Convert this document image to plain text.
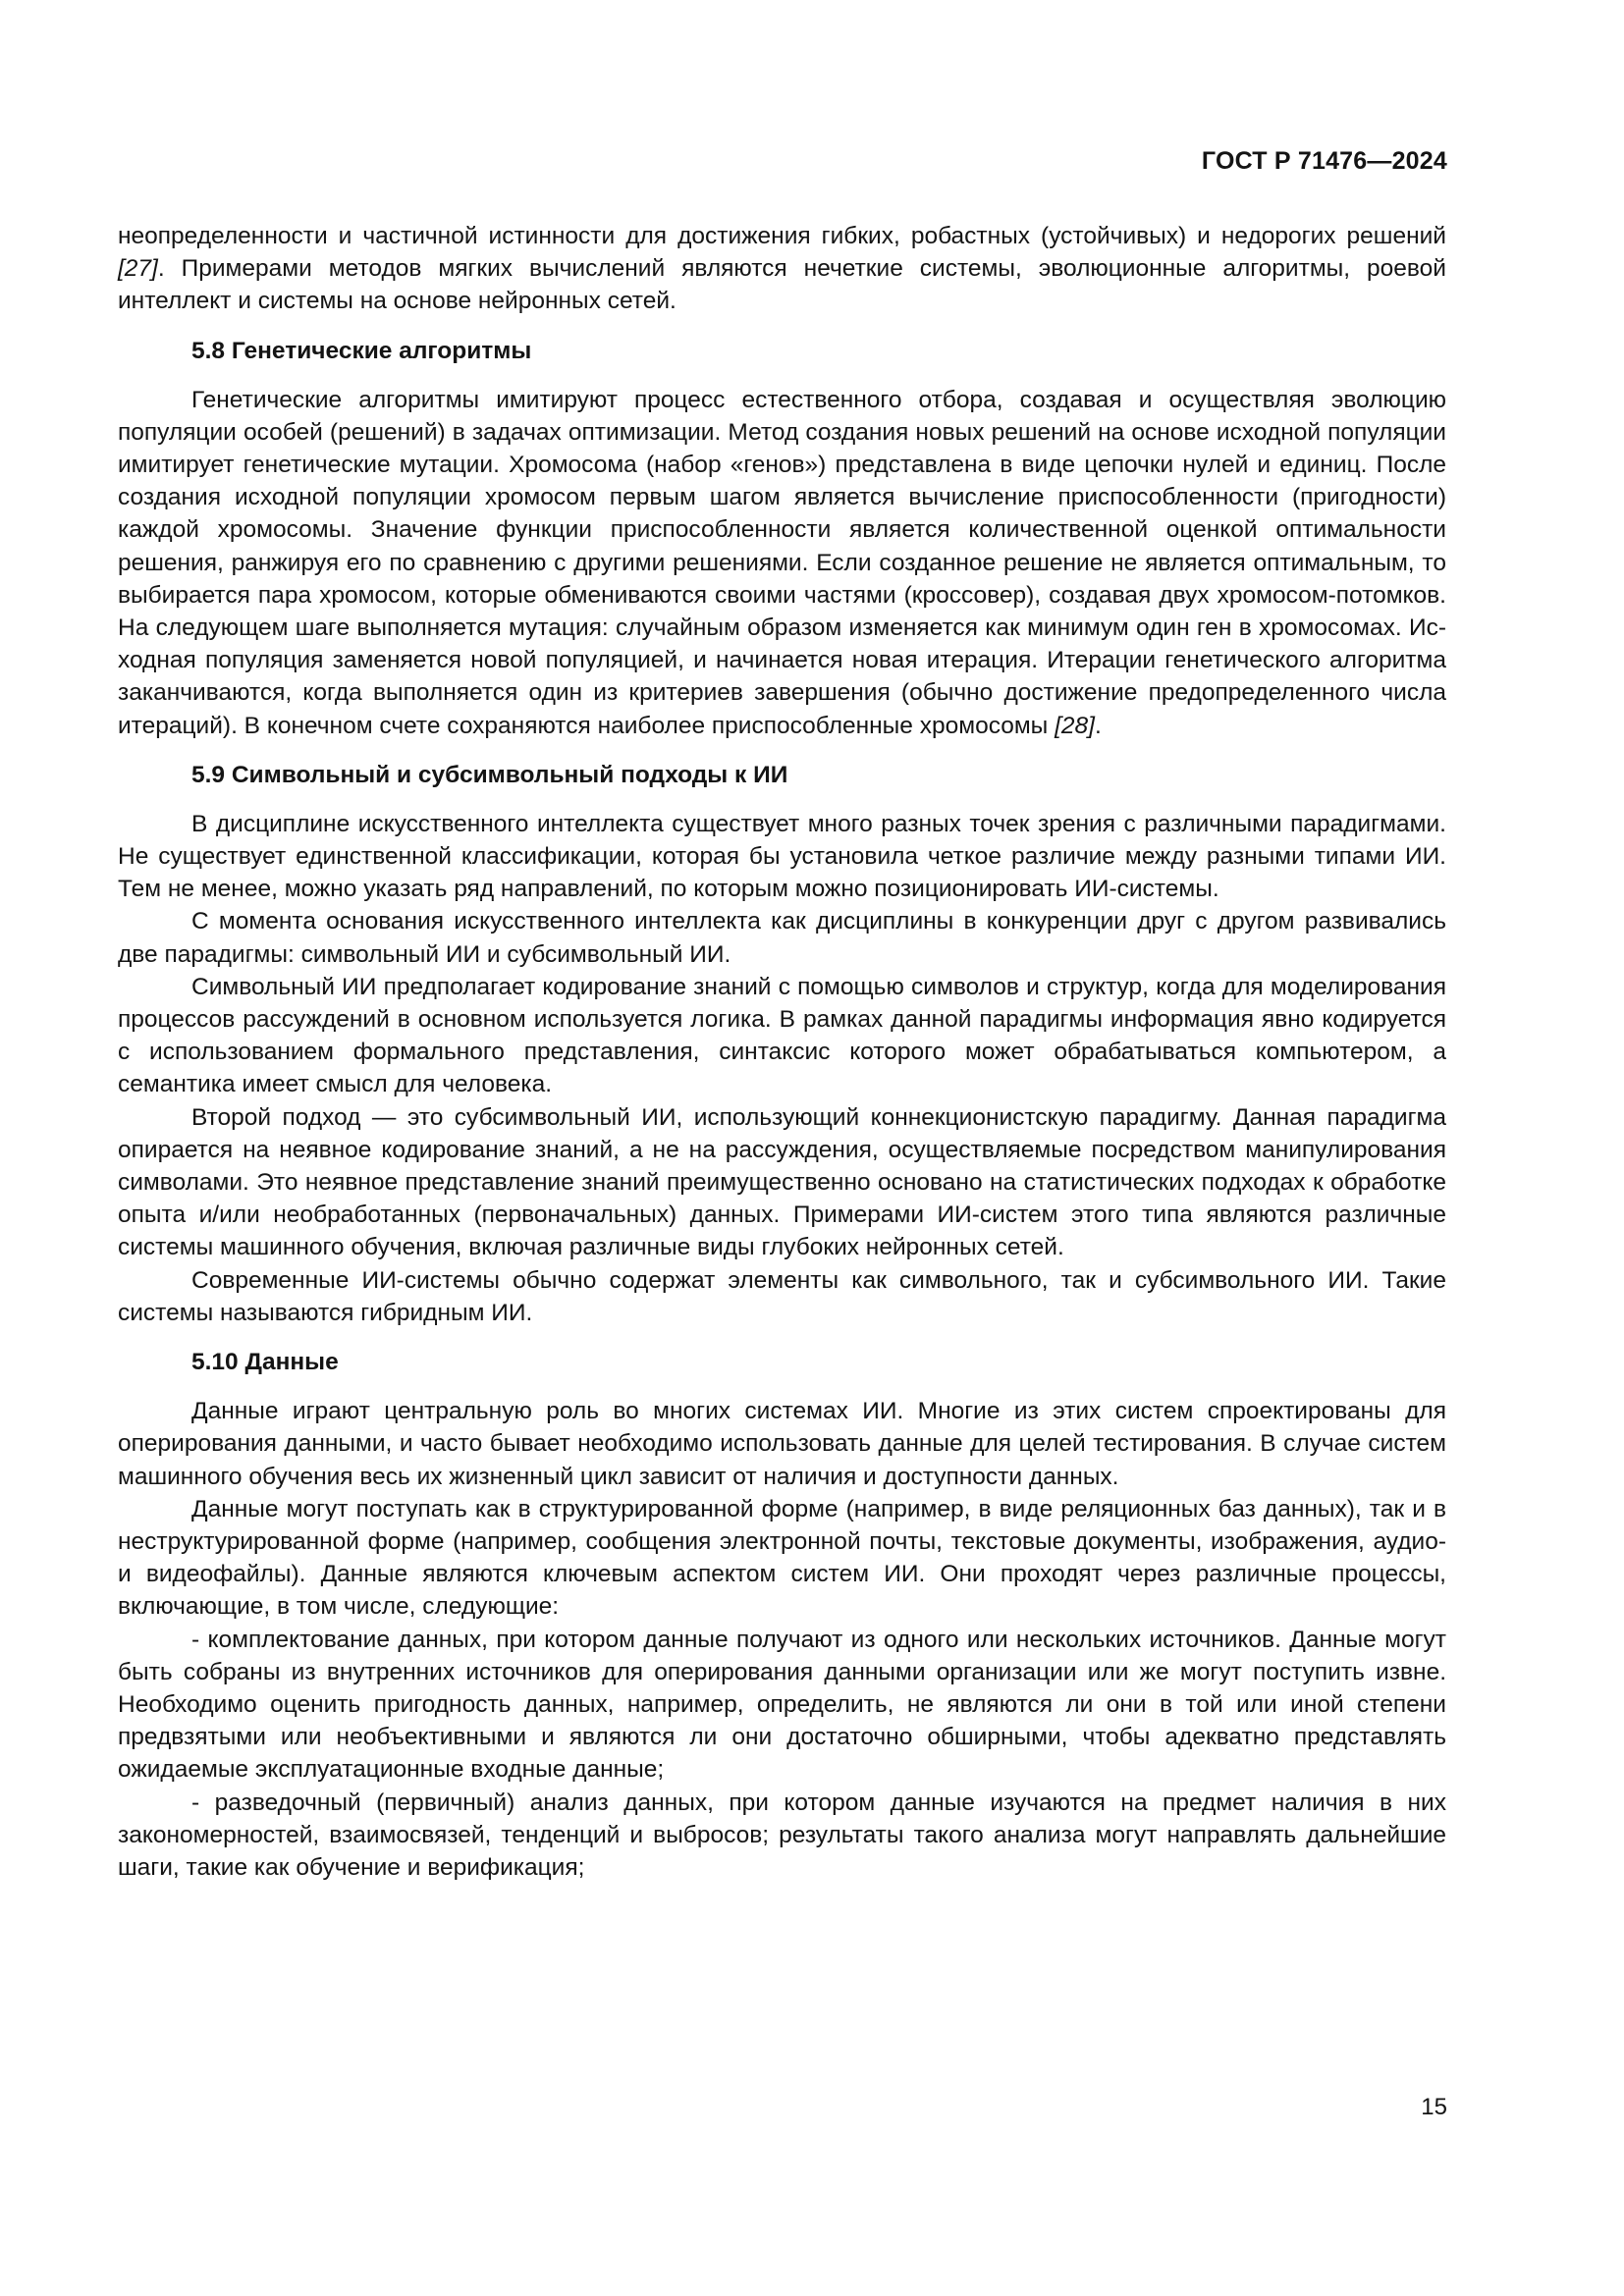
ГОСТ Р 71476—2024

неопределенности и частичной истинности для достижения гибких, робастных (устойчивых) и недорогих решений [27]. Примерами методов мягких вычислений являются нечеткие системы, эволюционные алгоритмы, роевой интеллект и системы на основе нейронных сетей.

5.8 Генетические алгоритмы

Генетические алгоритмы имитируют процесс естественного отбора, создавая и осуществляя эволюцию популяции особей (решений) в задачах оптимизации. Метод создания новых решений на основе исходной популяции имитирует генетические мутации. Хромосома (набор «генов») представлена в виде цепочки нулей и единиц. После создания исходной популяции хромосом первым шагом является вычисление приспособленности (пригодности) каждой хромосомы. Значение функции приспособленности является количественной оценкой оптимальности решения, ранжируя его по сравнению с другими решениями. Если созданное решение не является оптимальным, то выбирается пара хромосом, которые обмениваются своими частями (кроссовер), создавая двух хромосом-потомков. На следующем шаге выполняется мутация: случайным образом изменяется как минимум один ген в хромосомах. Исходная популяция заменяется новой популяцией, и начинается новая итерация. Итерации генетического алгоритма заканчиваются, когда выполняется один из критериев завершения (обычно достижение предопределенного числа итераций). В конечном счете сохраняются наиболее приспособленные хромосомы [28].

5.9 Символьный и субсимвольный подходы к ИИ

В дисциплине искусственного интеллекта существует много разных точек зрения с различными парадигмами. Не существует единственной классификации, которая бы установила четкое различие между разными типами ИИ. Тем не менее, можно указать ряд направлений, по которым можно позиционировать ИИ-системы.

С момента основания искусственного интеллекта как дисциплины в конкуренции друг с другом развивались две парадигмы: символьный ИИ и субсимвольный ИИ.

Символьный ИИ предполагает кодирование знаний с помощью символов и структур, когда для моделирования процессов рассуждений в основном используется логика. В рамках данной парадигмы информация явно кодируется с использованием формального представления, синтаксис которого может обрабатываться компьютером, а семантика имеет смысл для человека.

Второй подход — это субсимвольный ИИ, использующий коннекционистскую парадигму. Данная парадигма опирается на неявное кодирование знаний, а не на рассуждения, осуществляемые посредством манипулирования символами. Это неявное представление знаний преимущественно основано на статистических подходах к обработке опыта и/или необработанных (первоначальных) данных. Примерами ИИ-систем этого типа являются различные системы машинного обучения, включая различные виды глубоких нейронных сетей.

Современные ИИ-системы обычно содержат элементы как символьного, так и субсимвольного ИИ. Такие системы называются гибридным ИИ.

5.10 Данные

Данные играют центральную роль во многих системах ИИ. Многие из этих систем спроектированы для оперирования данными, и часто бывает необходимо использовать данные для целей тестирования. В случае систем машинного обучения весь их жизненный цикл зависит от наличия и доступности данных.

Данные могут поступать как в структурированной форме (например, в виде реляционных баз данных), так и в неструктурированной форме (например, сообщения электронной почты, текстовые документы, изображения, аудио- и видеофайлы). Данные являются ключевым аспектом систем ИИ. Они проходят через различные процессы, включающие, в том числе, следующие:

- комплектование данных, при котором данные получают из одного или нескольких источников. Данные могут быть собраны из внутренних источников для оперирования данными организации или же могут поступить извне. Необходимо оценить пригодность данных, например, определить, не являются ли они в той или иной степени предвзятыми или необъективными и являются ли они достаточно обширными, чтобы адекватно представлять ожидаемые эксплуатационные входные данные;

- разведочный (первичный) анализ данных, при котором данные изучаются на предмет наличия в них закономерностей, взаимосвязей, тенденций и выбросов; результаты такого анализа могут направлять дальнейшие шаги, такие как обучение и верификация;

15
